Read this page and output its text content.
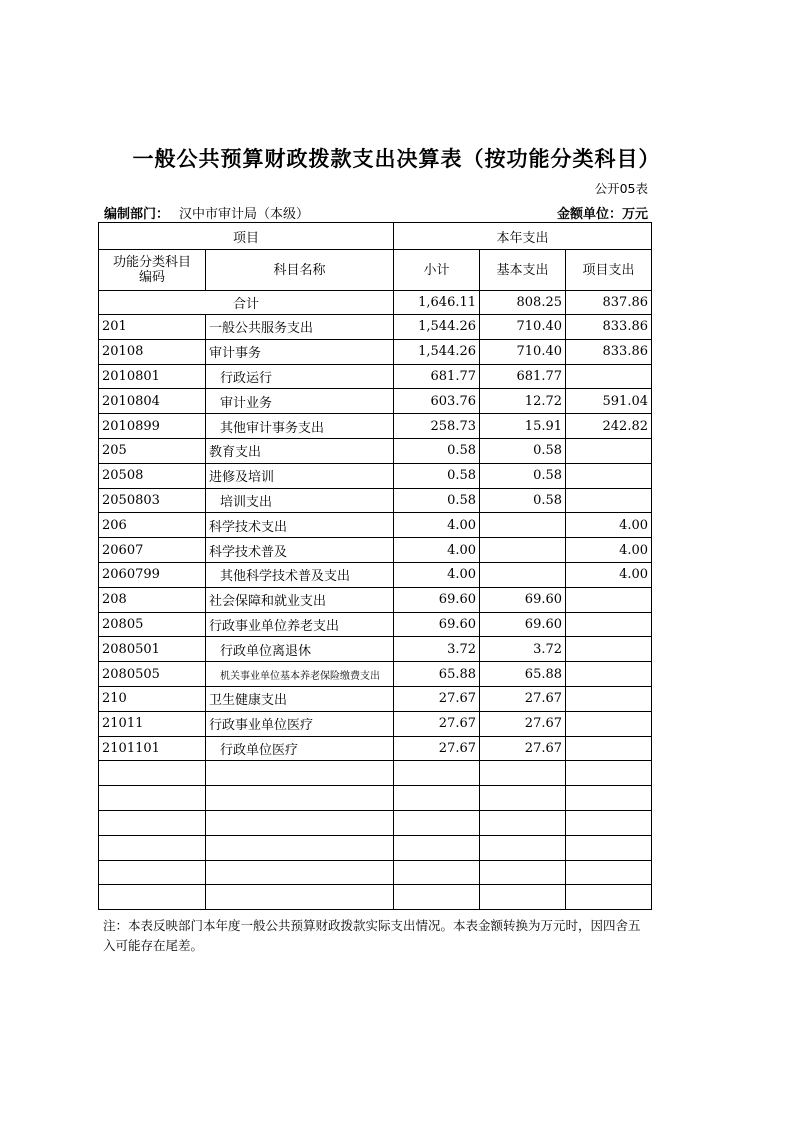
一般公共预算财政拨款支出决算表（按功能分类科目）
公开05表
编制部门： 汉中市审计局（本级）	金额单位：万元
项目		本年支出		
功能分类科目
编码	科目名称	小计	基本支出	项目支出
合计		1,646.11	808.25	837.86
201	一般公共服务支出	1,544.26	710.40	833.86
20108	审计事务	1,544.26	710.40	833.86
2010801	行政运行	681.77	681.77	
2010804	审计业务	603.76	12.72	591.04
2010899	其他审计事务支出	258.73	15.91	242.82
205	教育支出	0.58	0.58	
20508	进修及培训	0.58	0.58	
2050803	培训支出	0.58	0.58	
206	科学技术支出	4.00		4.00
20607	科学技术普及	4.00		4.00
2060799	其他科学技术普及支出	4.00		4.00
208	社会保障和就业支出	69.60	69.60	
20805	行政事业单位养老支出	69.60	69.60	
2080501	行政单位离退休	3.72	3.72	
2080505	机关事业单位基本养老保险缴费支出	65.88	65.88	
210	卫生健康支出	27.67	27.67	
21011	行政事业单位医疗	27.67	27.67	
2101101	行政单位医疗	27.67	27.67	

注：本表反映部门本年度一般公共预算财政拨款实际支出情况。本表金额转换为万元时，因四舍五入可能存在尾差。
